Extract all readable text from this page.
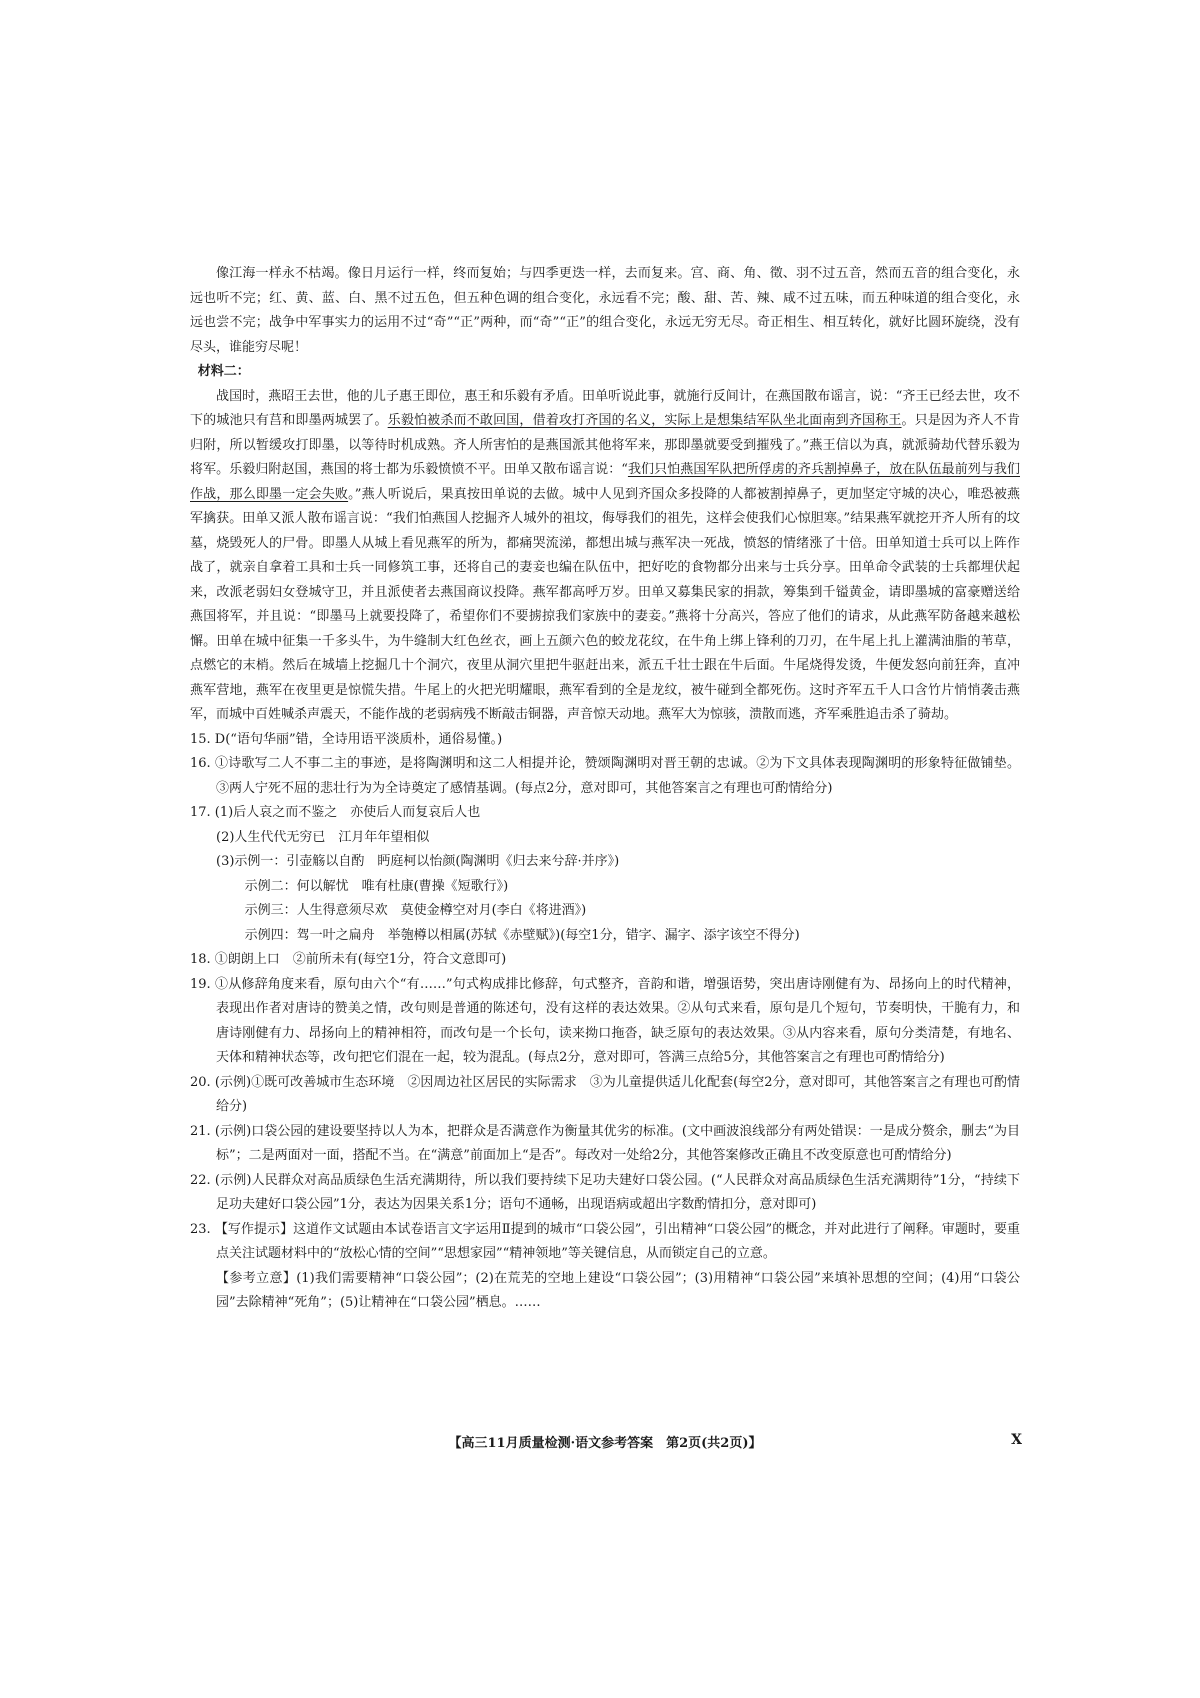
像江海一样永不枯竭。像日月运行一样，终而复始；与四季更迭一样，去而复来。宫、商、角、徵、羽不过五音，然而五音的组合变化，永远也听不完；红、黄、蓝、白、黑不过五色，但五种色调的组合变化，永远看不完；酸、甜、苦、辣、咸不过五味，而五种味道的组合变化，永远也尝不完；战争中军事实力的运用不过“奇”“正”两种，而“奇”“正”的组合变化，永远无穷无尽。奇正相生、相互转化，就好比圆环旋绕，没有尽头，谁能穷尽呢！

材料二：

战国时，燕昭王去世，他的儿子惠王即位，惠王和乐毅有矛盾。田单听说此事，就施行反间计，在燕国散布谣言，说：“齐王已经去世，攻不下的城池只有莒和即墨两城罢了。乐毅怕被杀而不敢回国，借着攻打齐国的名义，实际上是想集结军队坐北面南到齐国称王。只是因为齐人不肯归附，所以暂缓攻打即墨，以等待时机成熟。齐人所害怕的是燕国派其他将军来，那即墨就要受到摧残了。”燕王信以为真，就派骑劫代替乐毅为将军。乐毅归附赵国，燕国的将士都为乐毅愤愤不平。田单又散布谣言说：“我们只怕燕国军队把所俘虏的齐兵割掉鼻子，放在队伍最前列与我们作战，那么即墨一定会失败。”燕人听说后，果真按田单说的去做。城中人见到齐国众多投降的人都被割掉鼻子，更加坚定守城的决心，唯恐被燕军擒获。田单又派人散布谣言说：“我们怕燕国人挖掘齐人城外的祖坟，侮辱我们的祖先，这样会使我们心惊胆寒。”结果燕军就挖开齐人所有的坟墓，烧毁死人的尸骨。即墨人从城上看见燕军的所为，都痛哭流涕，都想出城与燕军决一死战，愤怒的情绪涨了十倍。田单知道士兵可以上阵作战了，就亲自拿着工具和士兵一同修筑工事，还将自己的妻妾也编在队伍中，把好吃的食物都分出来与士兵分享。田单命令武装的士兵都埋伏起来，改派老弱妇女登城守卫，并且派使者去燕国商议投降。燕军都高呼万岁。田单又募集民家的捐款，筹集到千镒黄金，请即墨城的富豪赠送给燕国将军，并且说：“即墨马上就要投降了，希望你们不要掳掠我们家族中的妻妾。”燕将十分高兴，答应了他们的请求，从此燕军防备越来越松懈。田单在城中征集一千多头牛，为牛缝制大红色丝衣，画上五颜六色的蛟龙花纹，在牛角上绑上锋利的刀刃，在牛尾上扎上灌满油脂的苇草，点燃它的末梢。然后在城墙上挖掘几十个洞穴，夜里从洞穴里把牛驱赶出来，派五千壮士跟在牛后面。牛尾烧得发烫，牛便发怒向前狂奔，直冲燕军营地，燕军在夜里更是惊慌失措。牛尾上的火把光明耀眼，燕军看到的全是龙纹，被牛碰到全都死伤。这时齐军五千人口含竹片悄悄袭击燕军，而城中百姓喊杀声震天，不能作战的老弱病残不断敲击铜器，声音惊天动地。燕军大为惊骇，溃散而逃，齐军乘胜追击杀了骑劫。

15. D(“语句华丽”错，全诗用语平淡质朴，通俗易懂。)

16. ①诗歌写二人不事二主的事迹，是将陶渊明和这二人相提并论，赞颂陶渊明对晋王朝的忠诚。②为下文具体表现陶渊明的形象特征做铺垫。③两人宁死不屈的悲壮行为为全诗奠定了感情基调。(每点2分，意对即可，其他答案言之有理也可酌情给分)

17. (1)后人哀之而不鉴之　亦使后人而复哀后人也

(2)人生代代无穷已　江月年年望相似

(3)示例一：引壶觞以自酌　眄庭柯以怡颜(陶渊明《归去来兮辞·并序》)

示例二：何以解忧　唯有杜康(曹操《短歌行》)

示例三：人生得意须尽欢　莫使金樽空对月(李白《将进酒》)

示例四：驾一叶之扁舟　举匏樽以相属(苏轼《赤壁赋》)(每空1分，错字、漏字、添字该空不得分)

18. ①朗朗上口　②前所未有(每空1分，符合文意即可)

19. ①从修辞角度来看，原句由六个“有……”句式构成排比修辞，句式整齐，音韵和谐，增强语势，突出唐诗刚健有为、昂扬向上的时代精神，表现出作者对唐诗的赞美之情，改句则是普通的陈述句，没有这样的表达效果。②从句式来看，原句是几个短句，节奏明快，干脆有力，和唐诗刚健有力、昂扬向上的精神相符，而改句是一个长句，读来拗口拖沓，缺乏原句的表达效果。③从内容来看，原句分类清楚，有地名、天体和精神状态等，改句把它们混在一起，较为混乱。(每点2分，意对即可，答满三点给5分，其他答案言之有理也可酌情给分)

20. (示例)①既可改善城市生态环境　②因周边社区居民的实际需求　③为儿童提供适儿化配套(每空2分，意对即可，其他答案言之有理也可酌情给分)

21. (示例)口袋公园的建设要坚持以人为本，把群众是否满意作为衡量其优劣的标准。(文中画波浪线部分有两处错误：一是成分赘余，删去“为目标”；二是两面对一面，搭配不当。在“满意”前面加上“是否”。每改对一处给2分，其他答案修改正确且不改变原意也可酌情给分)

22. (示例)人民群众对高品质绿色生活充满期待，所以我们要持续下足功夫建好口袋公园。(“人民群众对高品质绿色生活充满期待”1分，“持续下足功夫建好口袋公园”1分，表达为因果关系1分；语句不通畅，出现语病或超出字数酌情扣分，意对即可)

23. 【写作提示】这道作文试题由本试卷语言文字运用Ⅱ提到的城市“口袋公园”，引出精神“口袋公园”的概念，并对此进行了阐释。审题时，要重点关注试题材料中的“放松心情的空间”“思想家园”“精神领地”等关键信息，从而锁定自己的立意。

【参考立意】(1)我们需要精神“口袋公园”；(2)在荒芜的空地上建设“口袋公园”；(3)用精神“口袋公园”来填补思想的空间；(4)用“口袋公园”去除精神“死角”；(5)让精神在“口袋公园”栖息。……

【高三11月质量检测·语文参考答案　第2页(共2页)】	X
